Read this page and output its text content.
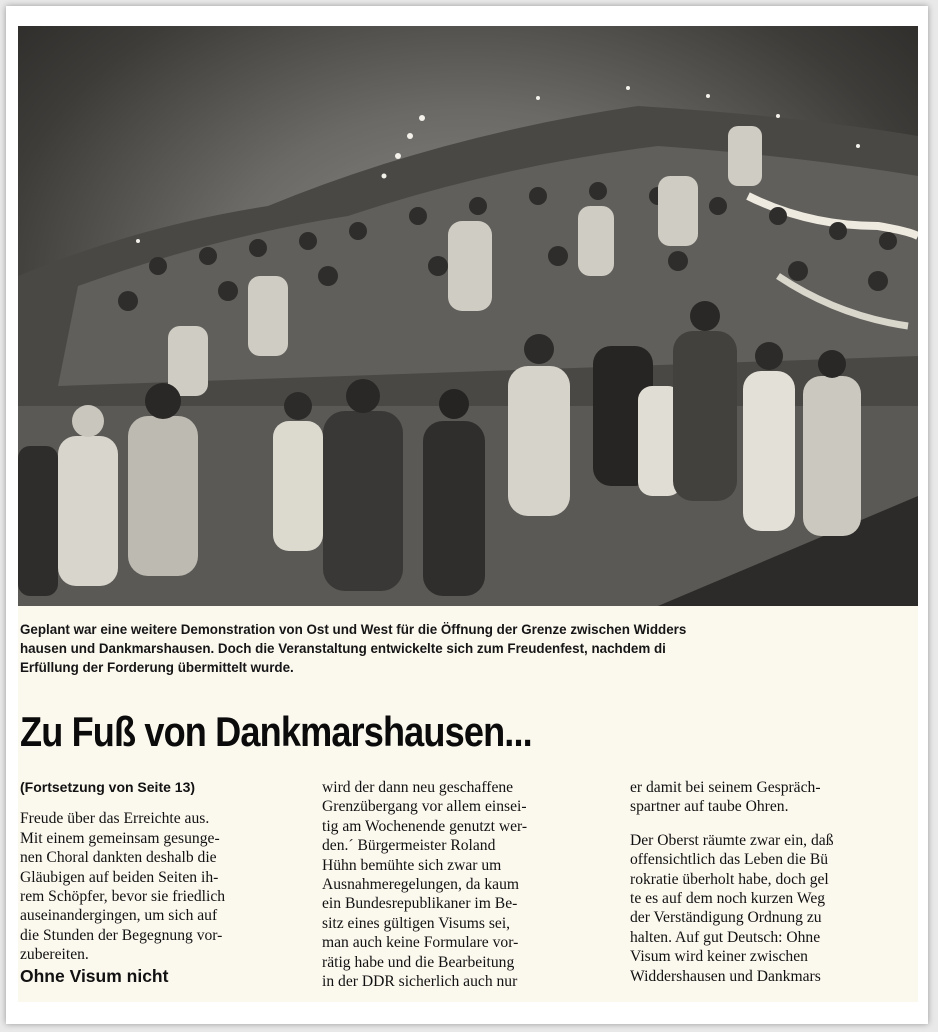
Geplant war eine weitere Demonstration von Ost und West für die Öffnung der Grenze zwischen Widders
hausen und Dankmarshausen. Doch die Veranstaltung entwickelte sich zum Freudenfest, nachdem di
Erfüllung der Forderung übermittelt wurde.
Zu Fuß von Dankmarshausen...
(Fortsetzung von Seite 13)
Freude über das Erreichte aus.
Mit einem gemeinsam gesunge-
nen Choral dankten deshalb die
Gläubigen auf beiden Seiten ih-
rem Schöpfer, bevor sie friedlich
auseinandergingen, um sich auf
die Stunden der Begegnung vor-
zubereiten.
Ohne Visum nicht
wird der dann neu geschaffene
Grenzübergang vor allem einsei-
tig am Wochenende genutzt wer-
den.´ Bürgermeister Roland
Hühn bemühte sich zwar um
Ausnahmeregelungen, da kaum
ein Bundesrepublikaner im Be-
sitz eines gültigen Visums sei,
man auch keine Formulare vor-
rätig habe und die Bearbeitung
in der DDR sicherlich auch nur
er damit bei seinem Gespräch-
spartner auf taube Ohren.
Der Oberst räumte zwar ein, daß
offensichtlich das Leben die Bü
rokratie überholt habe, doch gel
te es auf dem noch kurzen Weg
der Verständigung Ordnung zu
halten. Auf gut Deutsch: Ohne
Visum wird keiner zwischen
Widdershausen und Dankmars
